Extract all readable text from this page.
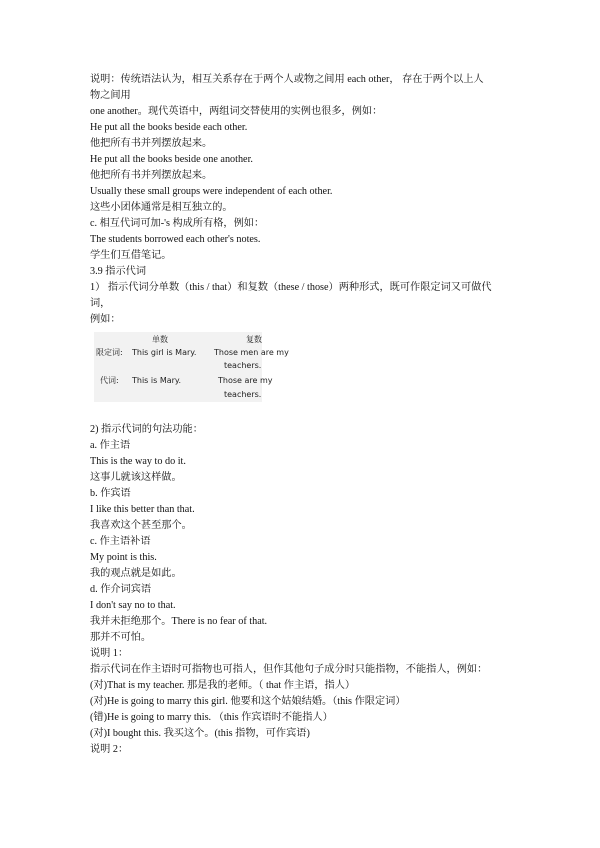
说明：传统语法认为，相互关系存在于两个人或物之间用 each other， 存在于两个以上人
物之间用
one another。现代英语中，两组词交替使用的实例也很多，例如：
He put all the books beside each other.
他把所有书并列摆放起来。
He put all the books beside one another.
他把所有书并列摆放起来。
Usually these small groups were independent of each other.
这些小团体通常是相互独立的。
c. 相互代词可加-'s 构成所有格，例如：
The students borrowed each other's notes.
学生们互借笔记。
3.9 指示代词
1） 指示代词分单数（this / that）和复数（these / those）两种形式，既可作限定词又可做代
词，
例如：
单数	复数
限定词: This girl is Mary. Those men are my
teachers.
代词: This is Mary.	Those are my
teachers.
2) 指示代词的句法功能：
a. 作主语
This is the way to do it.
这事儿就该这样做。
b. 作宾语
I like this better than that.
我喜欢这个甚至那个。
c. 作主语补语
My point is this.
我的观点就是如此。
d. 作介词宾语
I don't say no to that.
我并未拒绝那个。There is no fear of that.
那并不可怕。
说明 1：
指示代词在作主语时可指物也可指人，但作其他句子成分时只能指物，不能指人，例如：
(对)That is my teacher. 那是我的老师。（ that 作主语，指人）
(对)He is going to marry this girl. 他要和这个姑娘结婚。（this 作限定词）
(错)He is going to marry this. （this 作宾语时不能指人）
(对)I bought this. 我买这个。(this 指物，可作宾语)
说明 2：
